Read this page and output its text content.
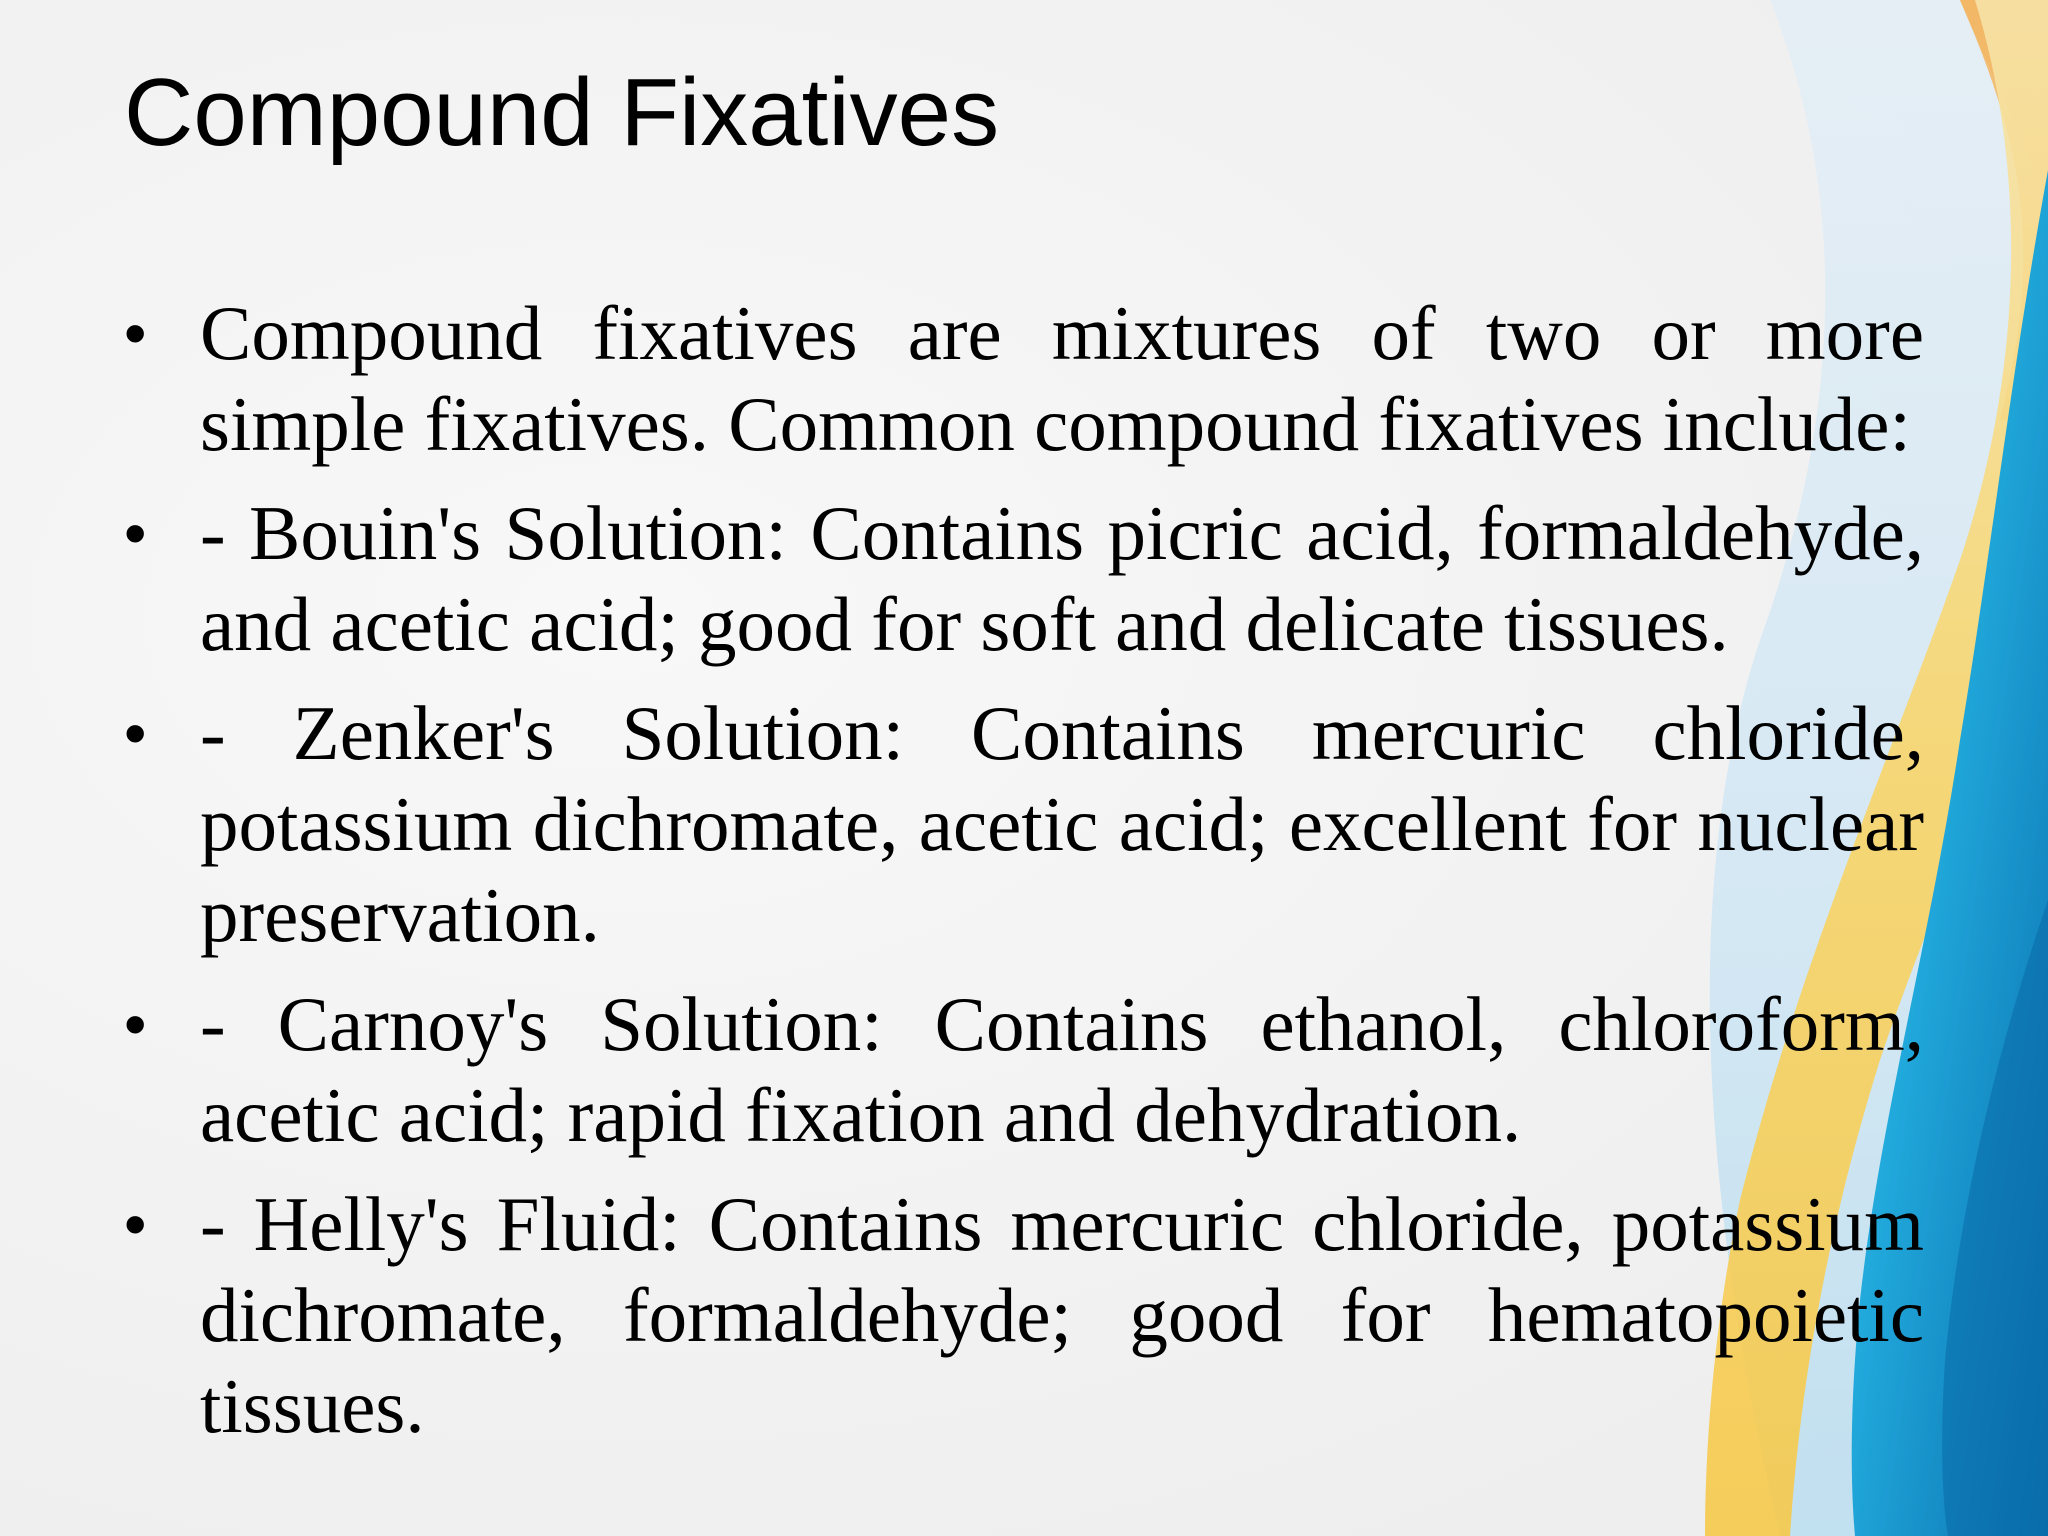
Compound Fixatives
• Compound fixatives are mixtures of two or more simple fixatives. Common compound fixatives include:
• - Bouin's Solution: Contains picric acid, formaldehyde, and acetic acid; good for soft and delicate tissues.
• - Zenker's Solution: Contains mercuric chloride, potassium dichromate, acetic acid; excellent for nuclear preservation.
• - Carnoy's Solution: Contains ethanol, chloroform, acetic acid; rapid fixation and dehydration.
• - Helly's Fluid: Contains mercuric chloride, potassium dichromate, formaldehyde; good for hematopoietic tissues.
